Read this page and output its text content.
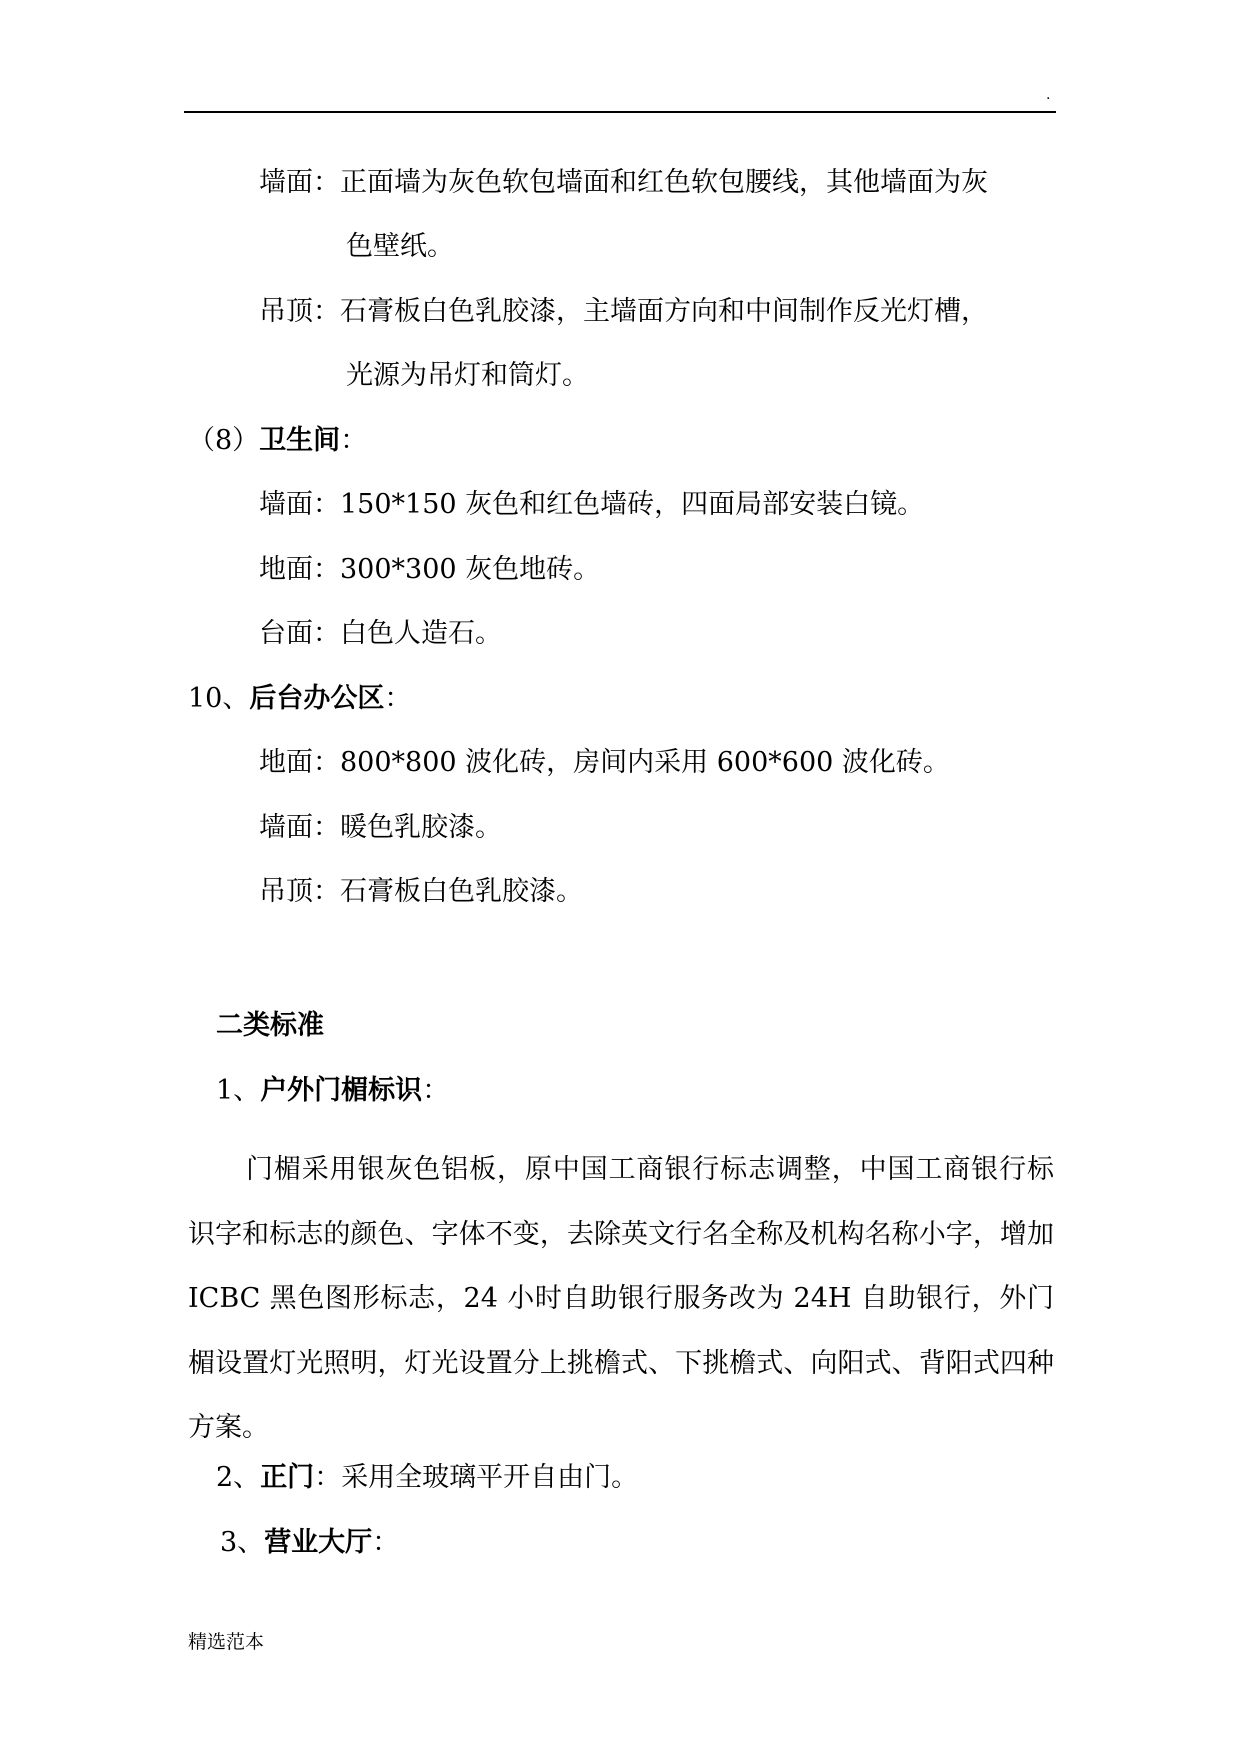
.
墙面：正面墙为灰色软包墙面和红色软包腰线，其他墙面为灰
色壁纸。
吊顶：石膏板白色乳胶漆，主墙面方向和中间制作反光灯槽，
光源为吊灯和筒灯。
（8）卫生间：
墙面：150*150 灰色和红色墙砖，四面局部安装白镜。
地面：300*300 灰色地砖。
台面：白色人造石。
10、后台办公区：
地面：800*800 波化砖，房间内采用 600*600 波化砖。
墙面：暖色乳胶漆。
吊顶：石膏板白色乳胶漆。
二类标准
1、户外门楣标识：
门楣采用银灰色铝板，原中国工商银行标志调整，中国工商银行标识字和标志的颜色、字体不变，去除英文行名全称及机构名称小字，增加 ICBC 黑色图形标志，24 小时自助银行服务改为 24H 自助银行，外门楣设置灯光照明，灯光设置分上挑檐式、下挑檐式、向阳式、背阳式四种方案。
2、正门：采用全玻璃平开自由门。
3、营业大厅：
精选范本
